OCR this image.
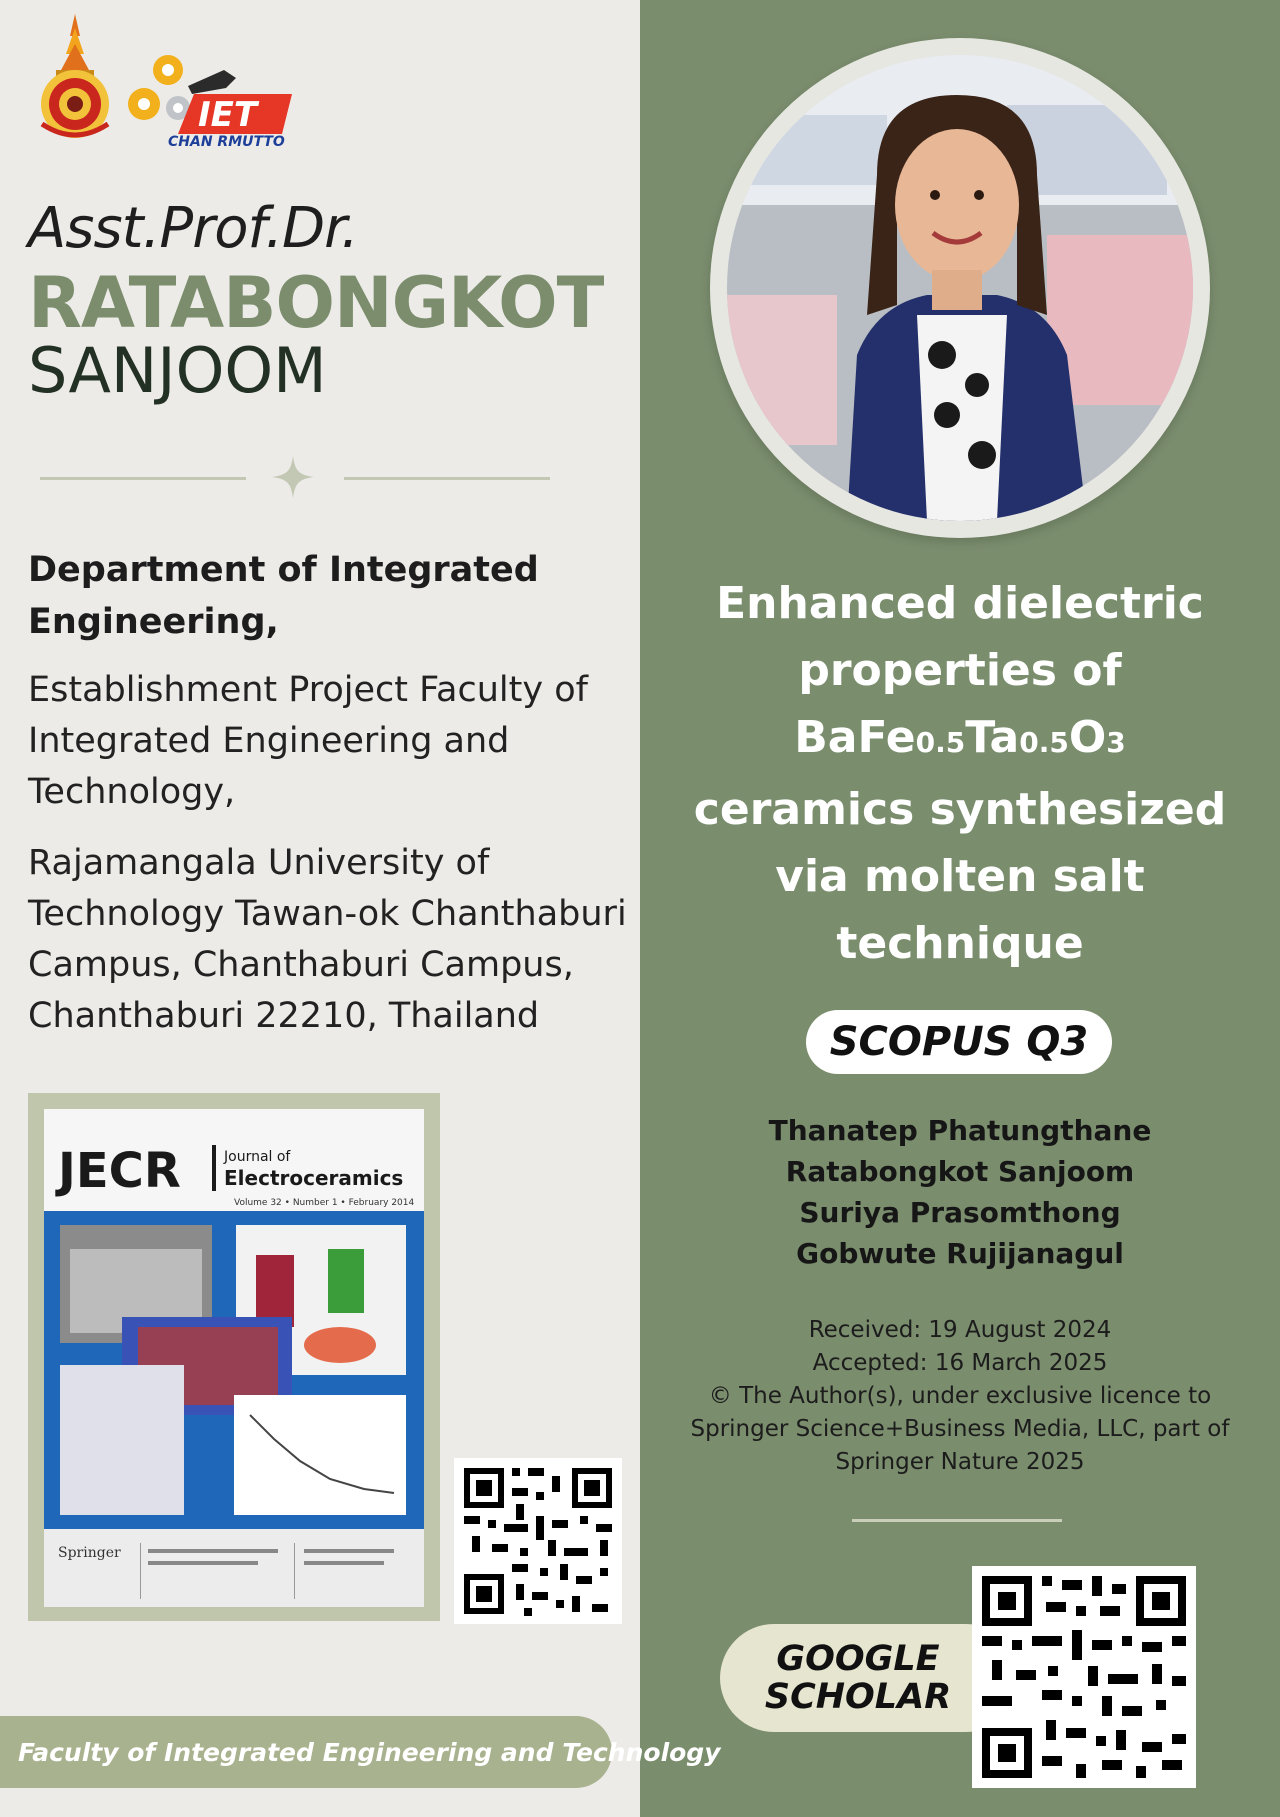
IET
CHAN RMUTTO
Asst.Prof.Dr.
RATABONGKOT
SANJOOM
Department of Integrated Engineering,
Establishment Project Faculty of Integrated Engineering and Technology,
Rajamangala University of Technology Tawan-ok Chanthaburi Campus, Chanthaburi Campus, Chanthaburi 22210, Thailand
JECR	Journal of
Electroceramics
Volume 32 • Number 1 • February 2014
Springer
Faculty of Integrated Engineering and Technology
Enhanced dielectric
properties of
BaFe0.5Ta0.5O3
ceramics synthesized
via molten salt
technique
SCOPUS Q3
Thanatep Phatungthane
Ratabongkot Sanjoom
Suriya Prasomthong
Gobwute Rujijanagul
Received: 19 August 2024
Accepted: 16 March 2025
© The Author(s), under exclusive licence to
Springer Science+Business Media, LLC, part of
Springer Nature 2025
GOOGLE
SCHOLAR
